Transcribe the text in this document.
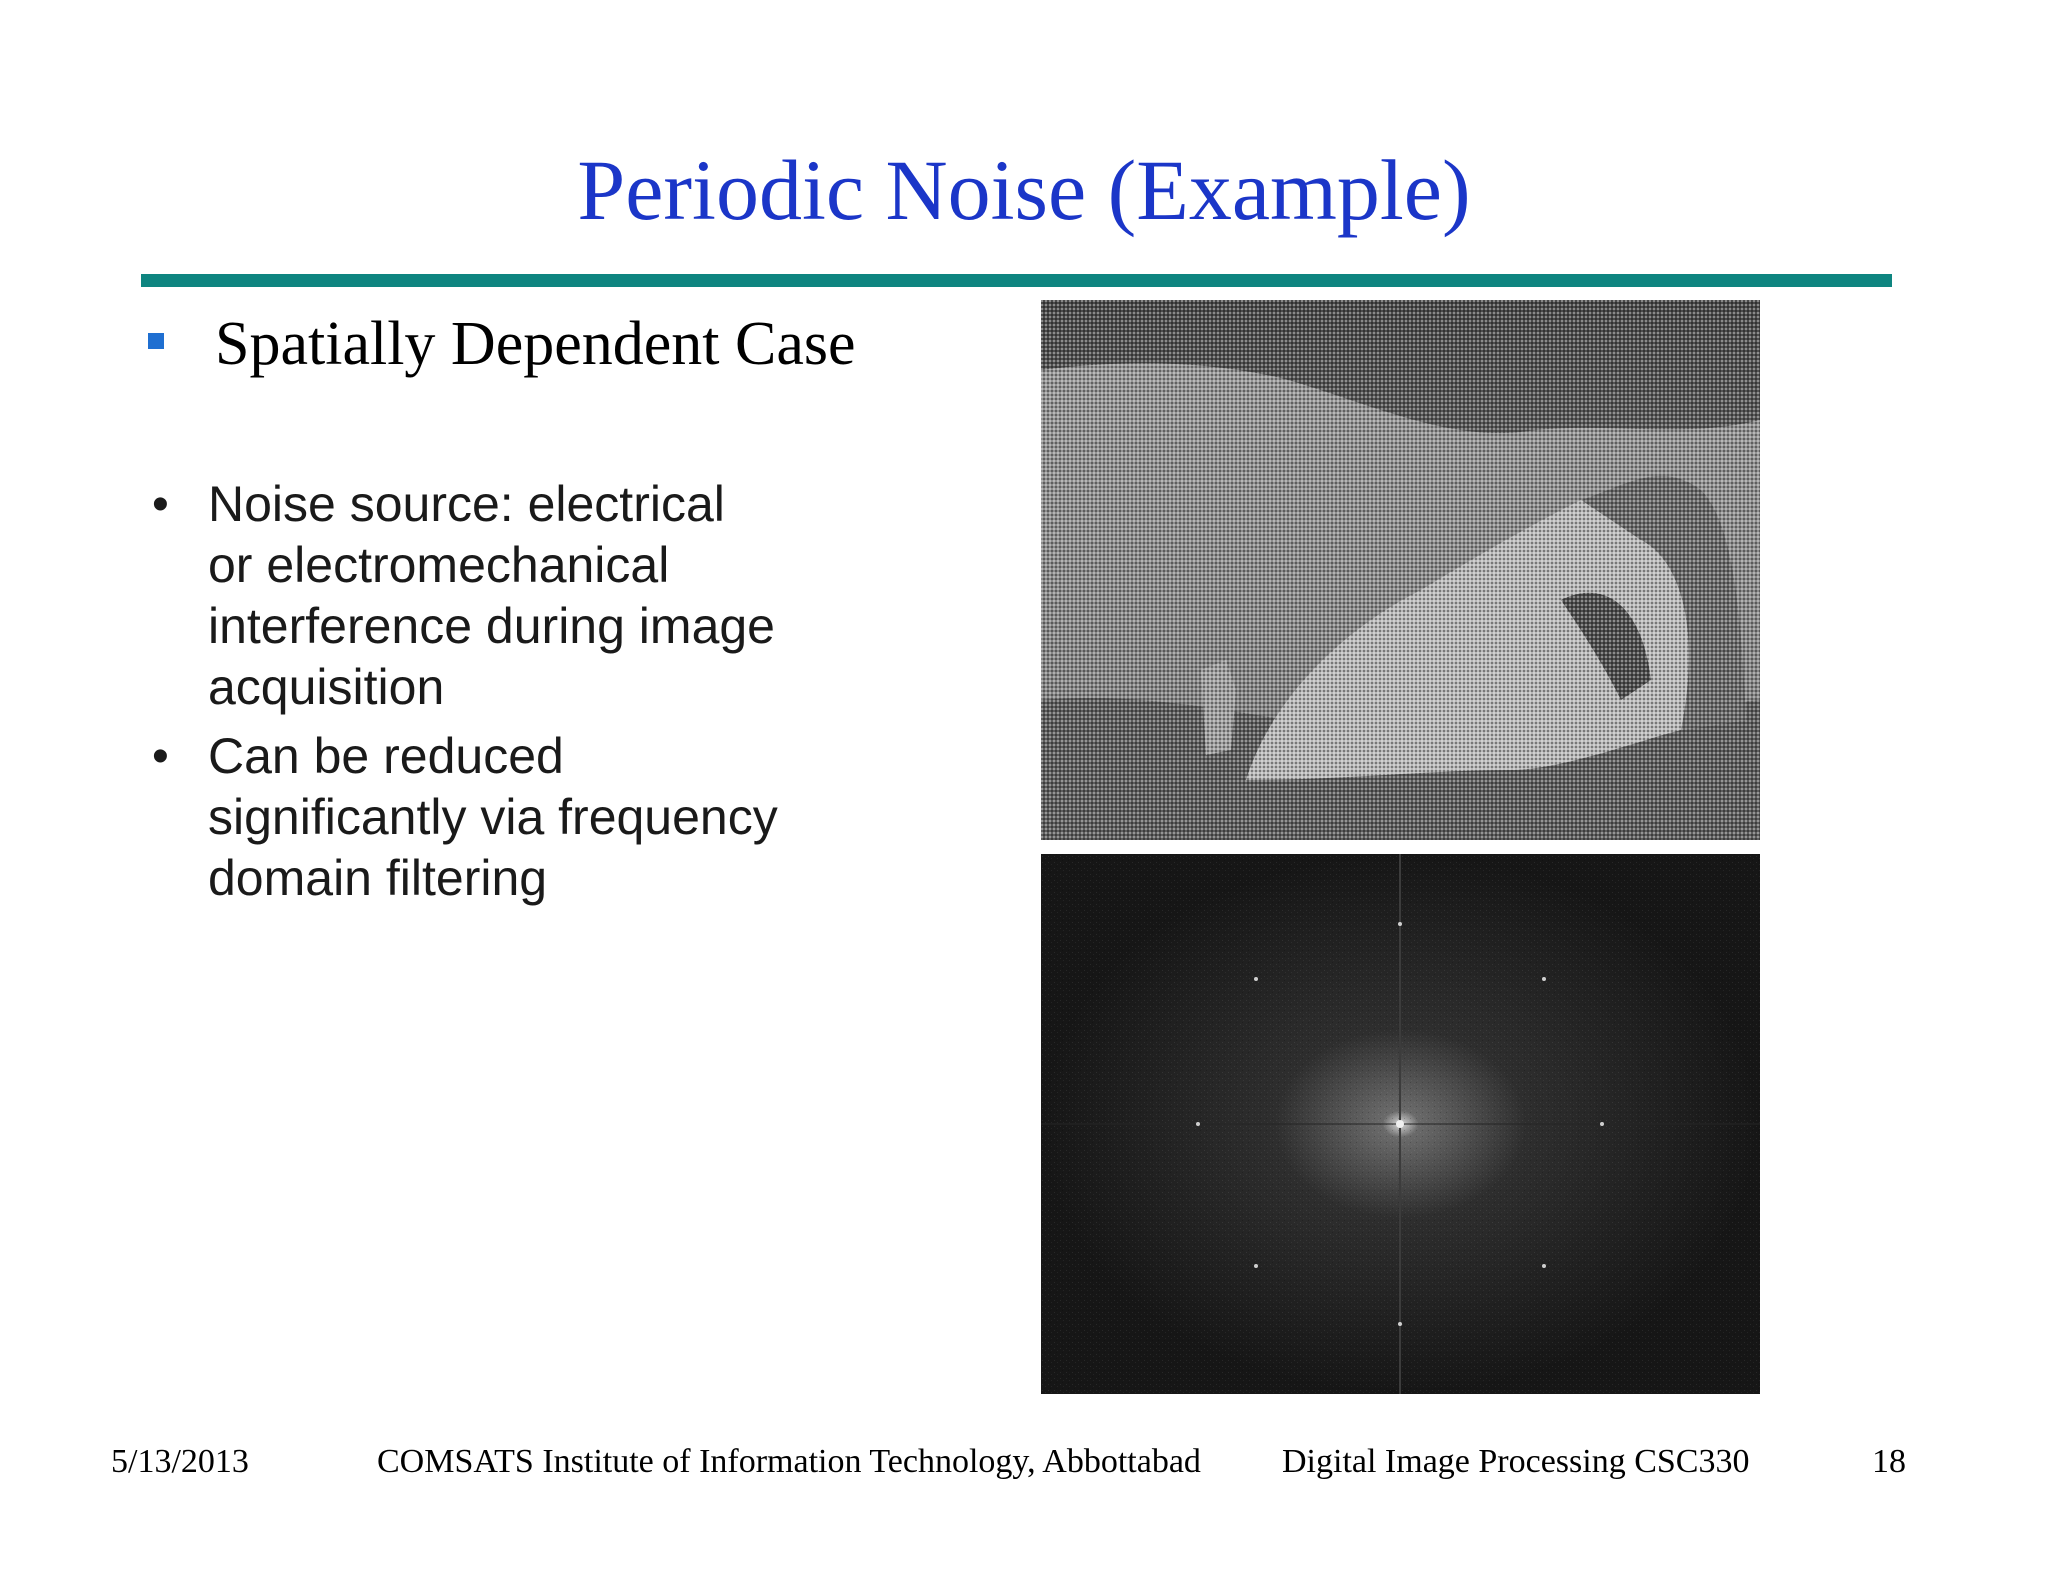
Periodic Noise (Example)
Spatially Dependent Case
• Noise source: electrical
or electromechanical
interference during image
acquisition
• Can be reduced
significantly via frequency
domain filtering
5/13/2013	COMSATS Institute of Information Technology, Abbottabad Digital Image Processing CSC330	18
